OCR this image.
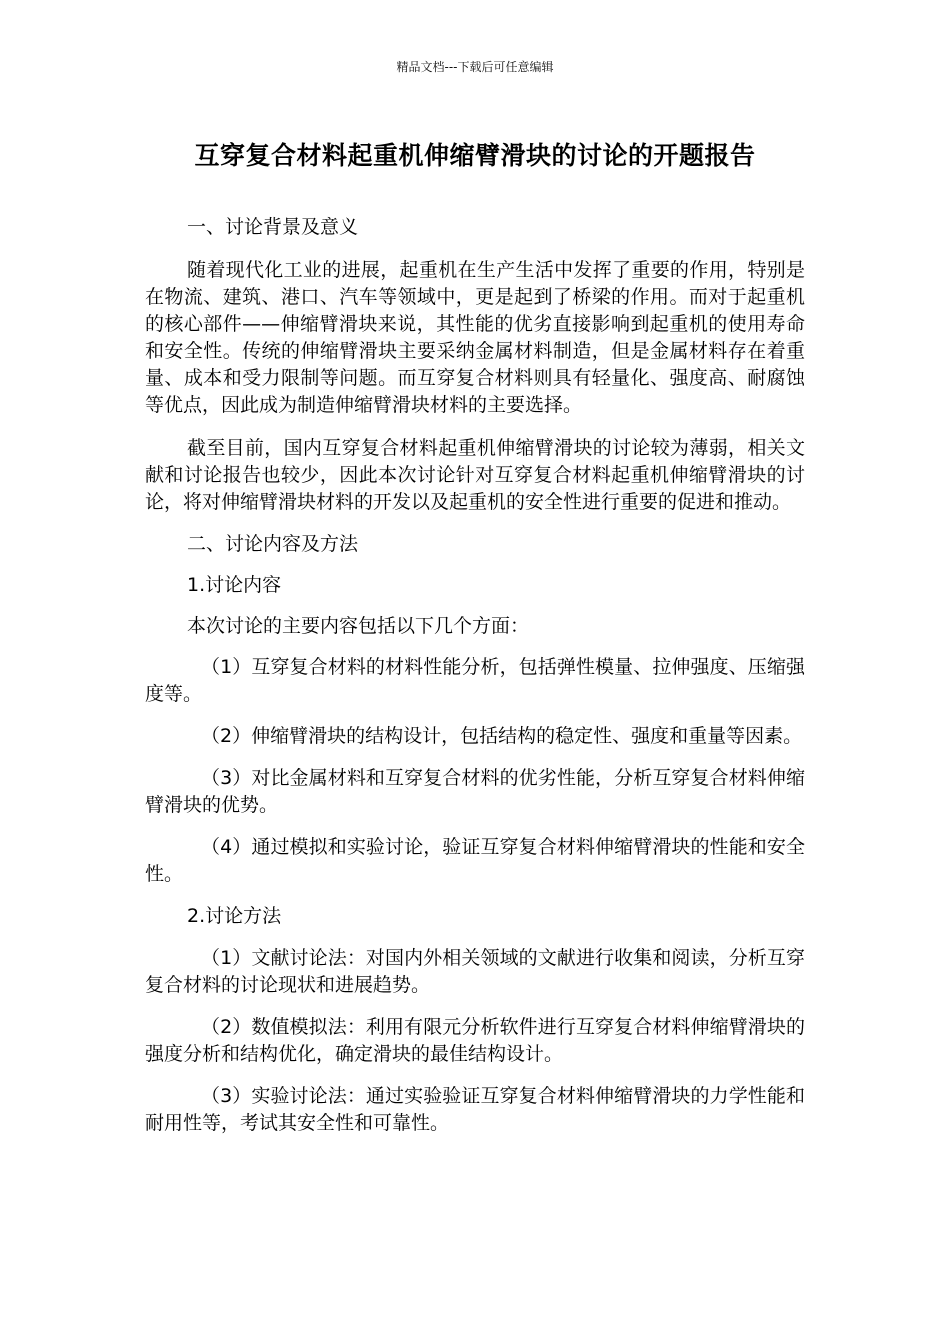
精品文档---下载后可任意编辑
互穿复合材料起重机伸缩臂滑块的讨论的开题报告

一、讨论背景及意义

随着现代化工业的进展，起重机在生产生活中发挥了重要的作用，特别是在物流、建筑、港口、汽车等领域中，更是起到了桥梁的作用。而对于起重机的核心部件——伸缩臂滑块来说，其性能的优劣直接影响到起重机的使用寿命和安全性。传统的伸缩臂滑块主要采纳金属材料制造，但是金属材料存在着重量、成本和受力限制等问题。而互穿复合材料则具有轻量化、强度高、耐腐蚀等优点，因此成为制造伸缩臂滑块材料的主要选择。

截至目前，国内互穿复合材料起重机伸缩臂滑块的讨论较为薄弱，相关文献和讨论报告也较少，因此本次讨论针对互穿复合材料起重机伸缩臂滑块的讨论，将对伸缩臂滑块材料的开发以及起重机的安全性进行重要的促进和推动。

二、讨论内容及方法

1.讨论内容

本次讨论的主要内容包括以下几个方面：

（1）互穿复合材料的材料性能分析，包括弹性模量、拉伸强度、压缩强度等。

（2）伸缩臂滑块的结构设计，包括结构的稳定性、强度和重量等因素。

（3）对比金属材料和互穿复合材料的优劣性能，分析互穿复合材料伸缩臂滑块的优势。

（4）通过模拟和实验讨论，验证互穿复合材料伸缩臂滑块的性能和安全性。

2.讨论方法

（1）文献讨论法：对国内外相关领域的文献进行收集和阅读，分析互穿复合材料的讨论现状和进展趋势。

（2）数值模拟法：利用有限元分析软件进行互穿复合材料伸缩臂滑块的强度分析和结构优化，确定滑块的最佳结构设计。

（3）实验讨论法：通过实验验证互穿复合材料伸缩臂滑块的力学性能和耐用性等，考试其安全性和可靠性。
